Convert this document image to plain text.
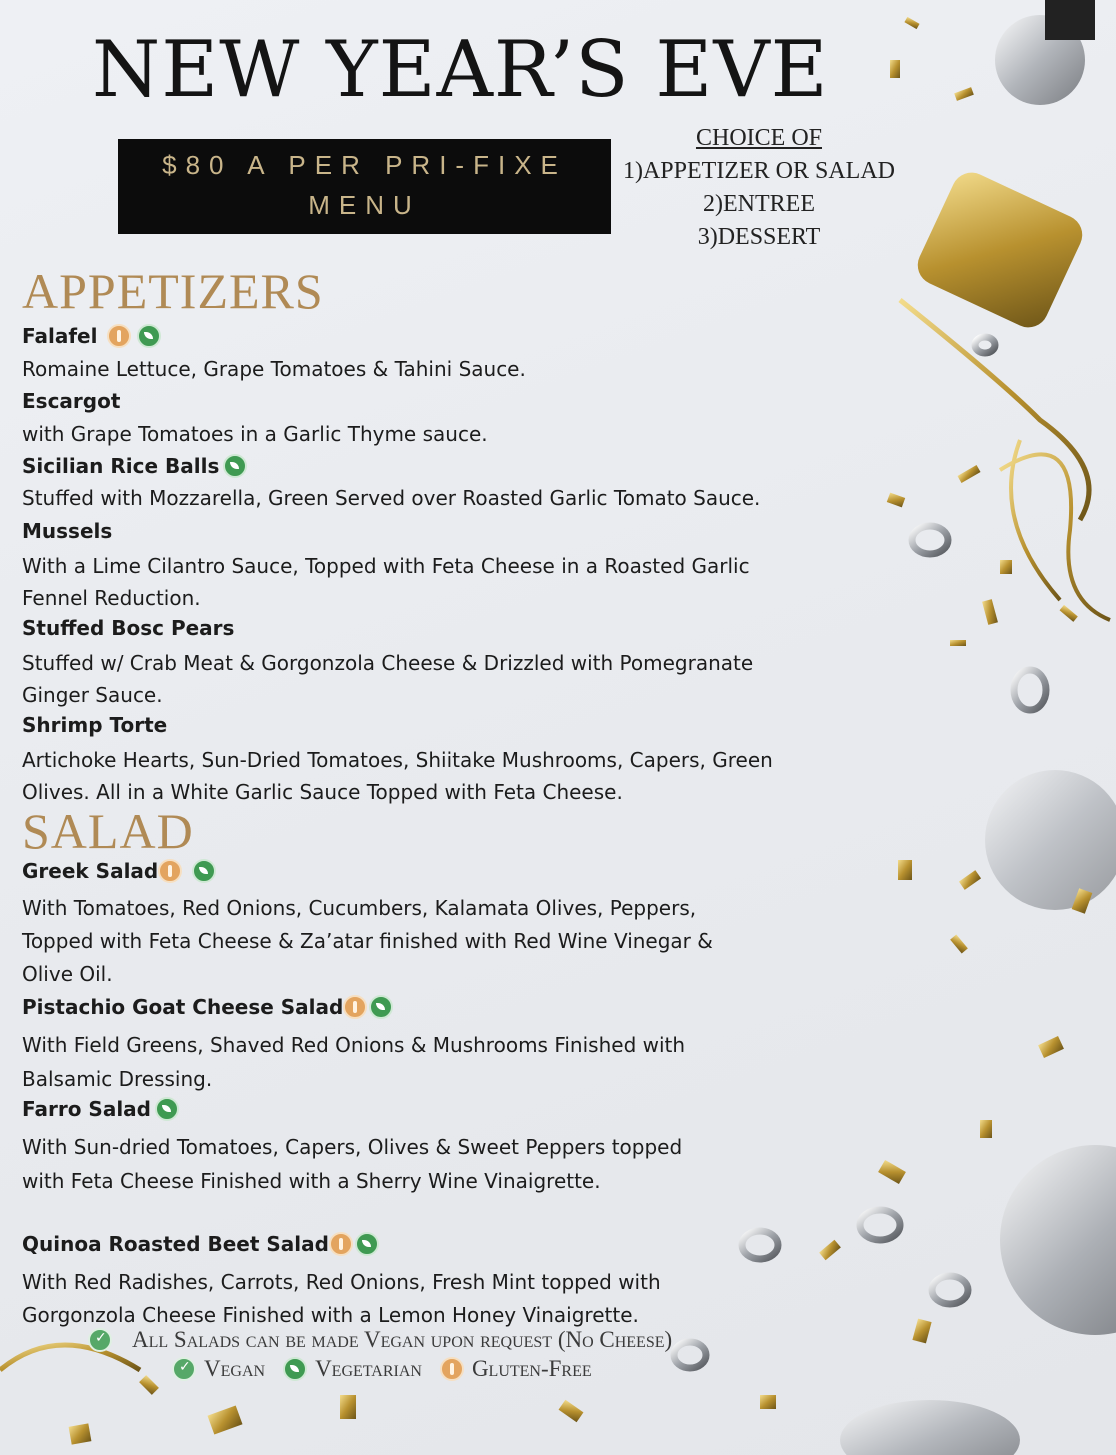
NEW YEAR’S EVE
$80 A PER PRI-FIXE
MENU
CHOICE OF
1)APPETIZER OR SALAD
2)ENTREE
3)DESSERT
APPETIZERS
Falafel
Romaine Lettuce, Grape Tomatoes & Tahini Sauce.
Escargot
with Grape Tomatoes in a Garlic Thyme sauce.
Sicilian Rice Balls
Stuffed with Mozzarella, Green Served over Roasted Garlic Tomato Sauce.
Mussels
With a Lime Cilantro Sauce, Topped with Feta Cheese in a Roasted Garlic Fennel Reduction.
Stuffed Bosc Pears
Stuffed w/ Crab Meat & Gorgonzola Cheese & Drizzled with Pomegranate Ginger Sauce.
Shrimp Torte
Artichoke Hearts, Sun-Dried Tomatoes, Shiitake Mushrooms, Capers, Green Olives. All in a White Garlic Sauce Topped with Feta Cheese.
SALAD
Greek Salad
With Tomatoes, Red Onions, Cucumbers, Kalamata Olives, Peppers, Topped with Feta Cheese & Za’atar finished with Red Wine Vinegar & Olive Oil.
Pistachio Goat Cheese Salad
With Field Greens, Shaved Red Onions & Mushrooms Finished with Balsamic Dressing.
Farro Salad
With Sun-dried Tomatoes, Capers, Olives & Sweet Peppers topped with Feta Cheese Finished with a Sherry Wine Vinaigrette.
Quinoa Roasted Beet Salad
With Red Radishes, Carrots, Red Onions, Fresh Mint topped with Gorgonzola Cheese Finished with a Lemon Honey Vinaigrette.
✓
All Salads can be made Vegan upon request (No Cheese)
✓
Vegan Vegetarian Gluten-Free
